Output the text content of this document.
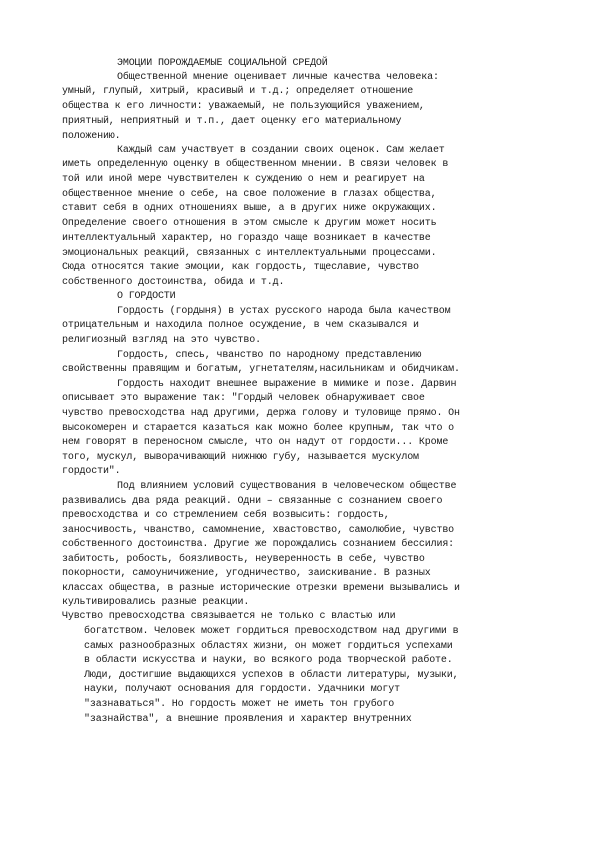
ЭМОЦИИ ПОРОЖДАЕМЫЕ СОЦИАЛЬНОЙ СРЕДОЙ
Общественной мнение оценивает личные качества человека:
умный, глупый, хитрый, красивый и т.д.; определяет отношение
общества к его личности: уважаемый, не пользующийся уважением,
приятный, неприятный и т.п., дает оценку его материальному
положению.
Каждый сам участвует в создании своих оценок. Сам желает
иметь определенную оценку в общественном мнении. В связи человек в
той или иной мере чувствителен к суждению о нем и реагирует на
общественное мнение о себе, на свое положение в глазах общества,
ставит себя в одних отношениях выше, а в других ниже окружающих.
Определение своего отношения в этом смысле к другим может носить
интеллектуальный характер, но гораздо чаще возникает в качестве
эмоциональных реакций, связанных с интеллектуальными процессами.
Сюда относятся такие эмоции, как гордость, тщеславие, чувство
собственного достоинства, обида и т.д.
О ГОРДОСТИ
Гордость (гордыня) в устах русского народа была качеством
отрицательным и находила полное осуждение, в чем сказывался и
религиозный взгляд на это чувство.
Гордость, спесь, чванство по народному представлению
свойственны правящим и богатым, угнетателям,насильникам и обидчикам.
Гордость находит внешнее выражение в мимике и позе. Дарвин
описывает это выражение так: "Гордый человек обнаруживает свое
чувство превосходства над другими, держа голову и туловище прямо. Он
высокомерен и старается казаться как можно более крупным, так что о
нем говорят в переносном смысле, что он надут от гордости... Кроме
того, мускул, выворачивающий нижнюю губу, называется мускулом
гордости".
Под влиянием условий существования в человеческом обществе
развивались два ряда реакций. Одни – связанные с сознанием своего
превосходства и со стремлением себя возвысить: гордость,
заносчивость, чванство, самомнение, хвастовство, самолюбие, чувство
собственного достоинства. Другие же порождались сознанием бессилия:
забитость, робость, боязливость, неуверенность в себе, чувство
покорности, самоуничижение, угодничество, заискивание. В разных
классах общества, в разные исторические отрезки времени вызывались и
культивировались разные реакции.
Чувство превосходства связывается не только с властью или
богатством. Человек может гордиться превосходством над другими в
самых разнообразных областях жизни, он может гордиться успехами
в области искусства и науки, во всякого рода творческой работе.
Люди, достигшие выдающихся успехов в области литературы, музыки,
науки, получают основания для гордости. Удачники могут
"зазнаваться". Но гордость может не иметь тон грубого
"зазнайства", а внешние проявления и характер внутренних
